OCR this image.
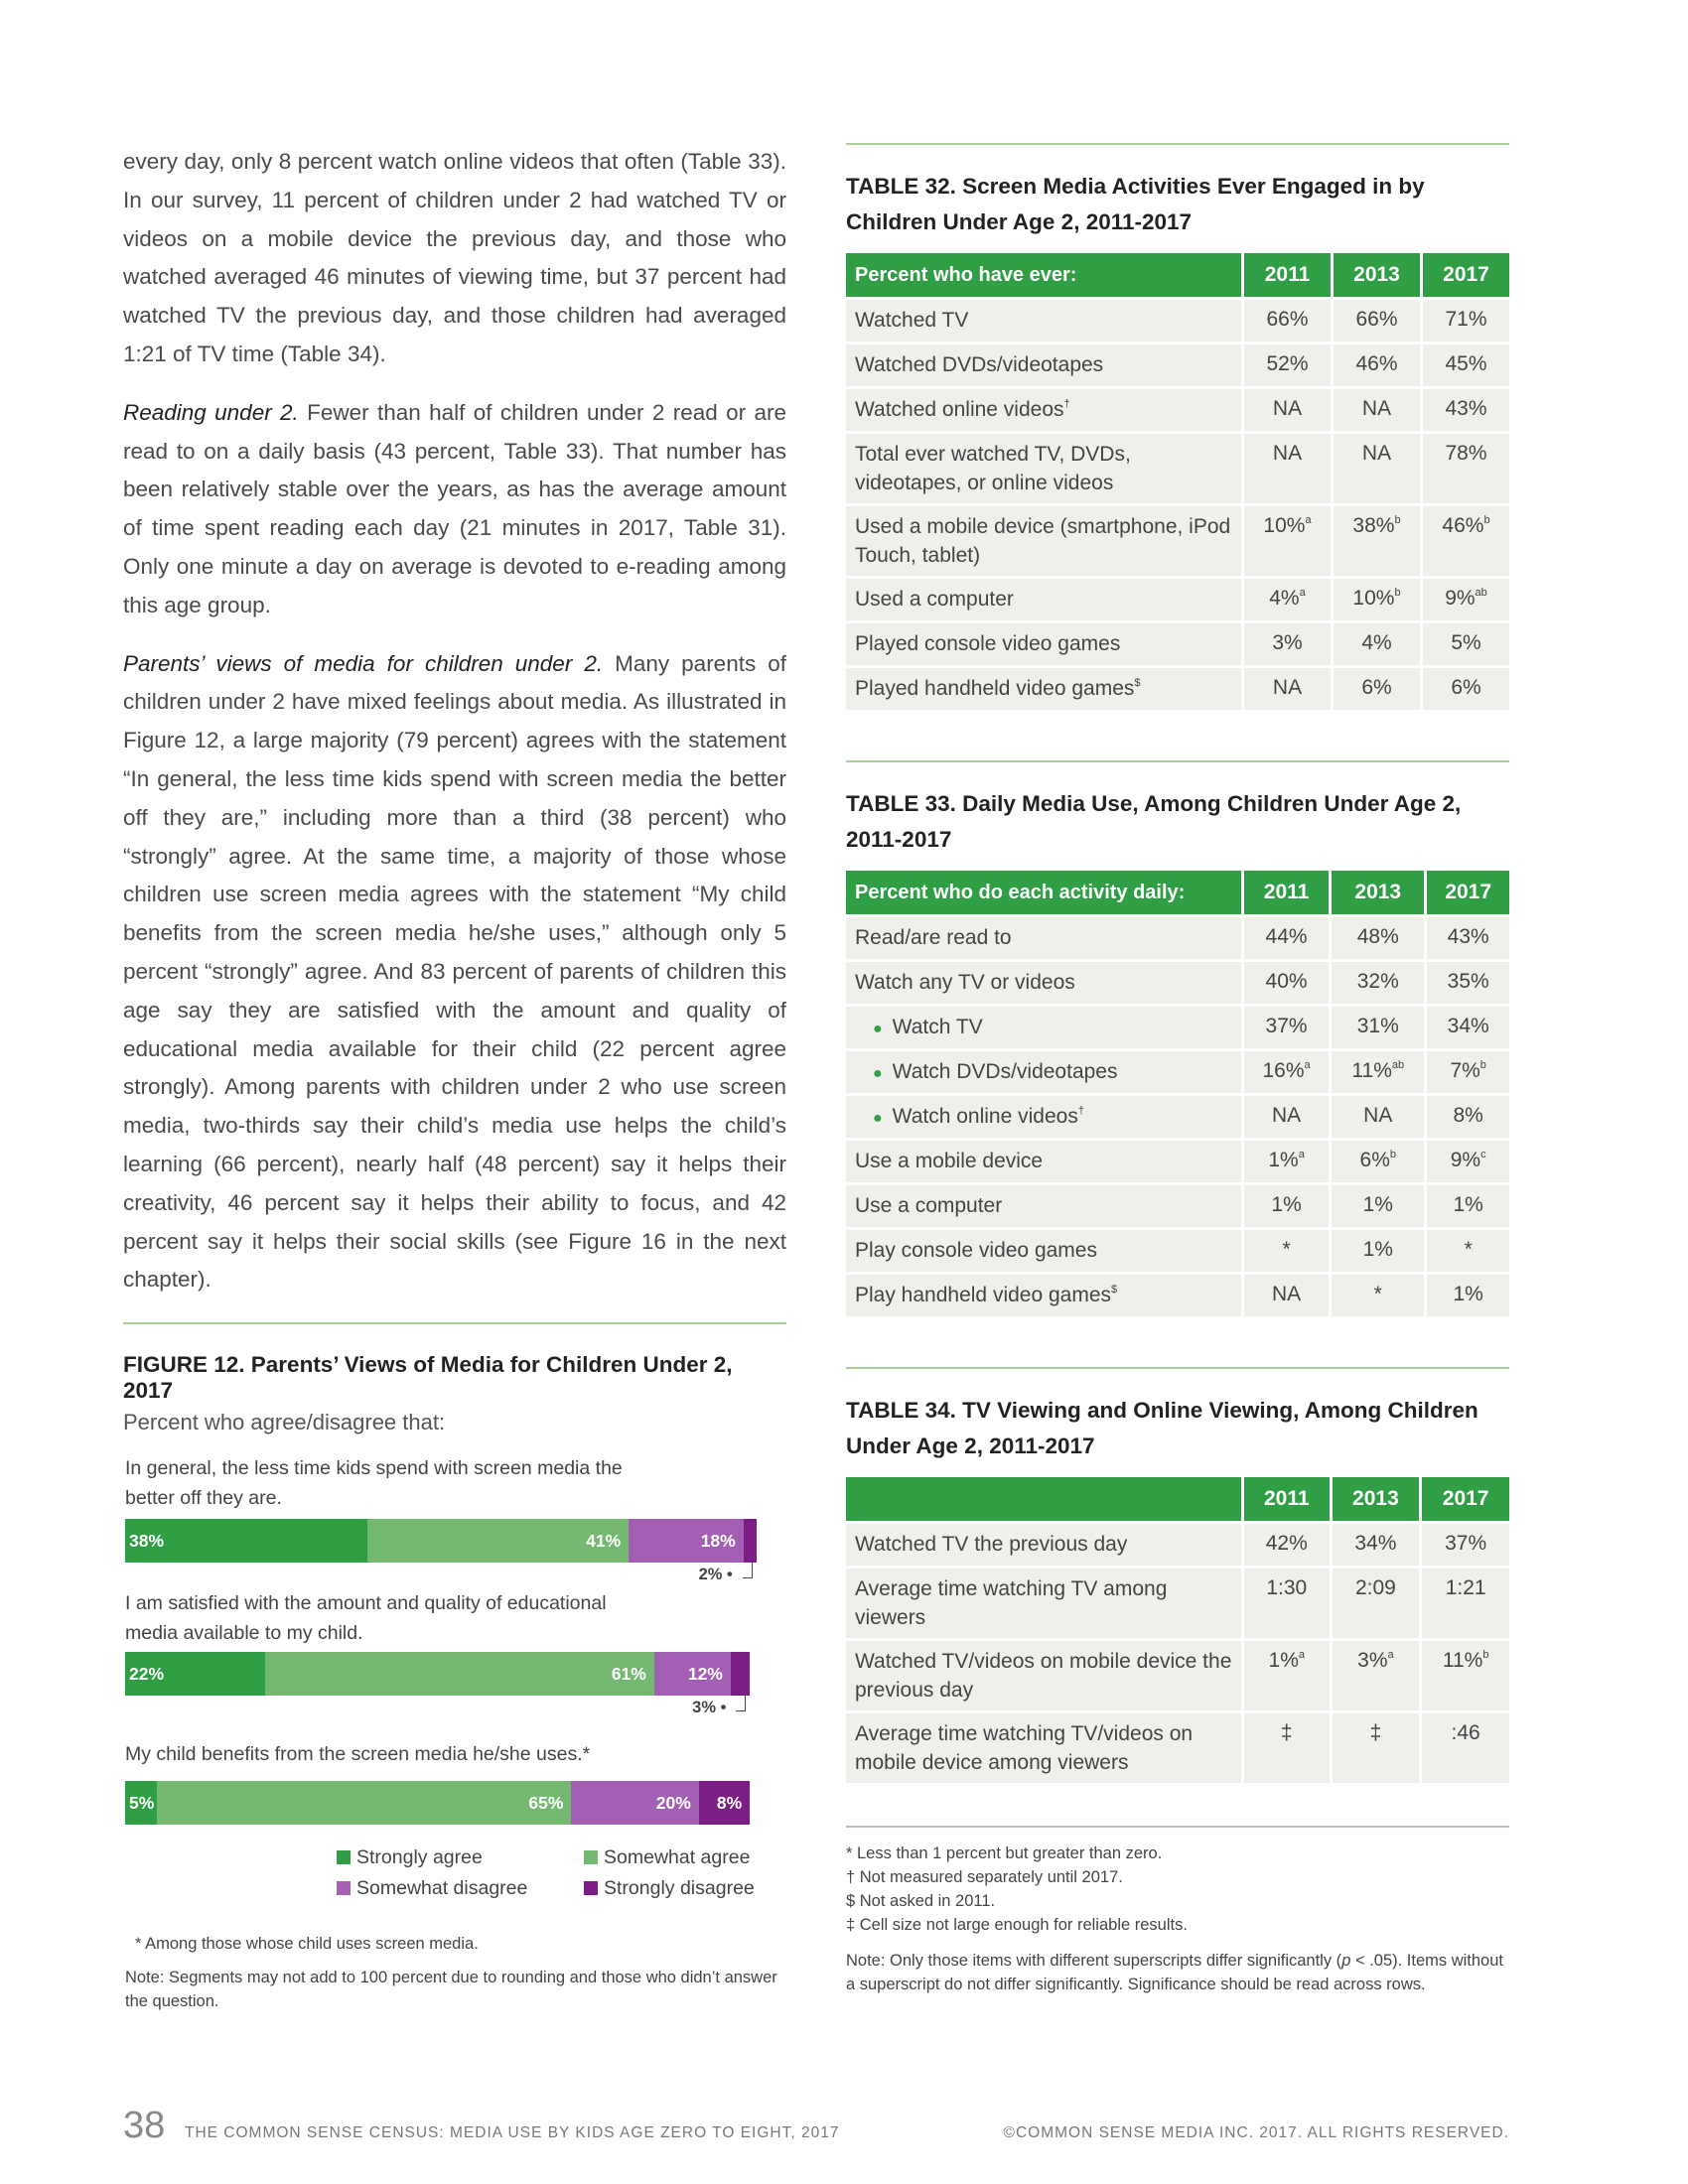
every day, only 8 percent watch online videos that often (Table 33). In our survey, 11 percent of children under 2 had watched TV or videos on a mobile device the previous day, and those who watched averaged 46 minutes of viewing time, but 37 percent had watched TV the previous day, and those children had averaged 1:21 of TV time (Table 34).

Reading under 2. Fewer than half of children under 2 read or are read to on a daily basis (43 percent, Table 33). That number has been relatively stable over the years, as has the average amount of time spent reading each day (21 minutes in 2017, Table 31). Only one minute a day on average is devoted to e-reading among this age group.

Parents’ views of media for children under 2. Many parents of children under 2 have mixed feelings about media. As illustrated in Figure 12, a large majority (79 percent) agrees with the statement “In general, the less time kids spend with screen media the better off they are,” including more than a third (38 percent) who “strongly” agree. At the same time, a majority of those whose children use screen media agrees with the statement “My child benefits from the screen media he/she uses,” although only 5 percent “strongly” agree. And 83 percent of parents of children this age say they are satisfied with the amount and quality of educational media available for their child (22 percent agree strongly). Among parents with children under 2 who use screen media, two-thirds say their child’s media use helps the child’s learning (66 percent), nearly half (48 percent) say it helps their creativity, 46 percent say it helps their ability to focus, and 42 percent say it helps their social skills (see Figure 16 in the next chapter).

FIGURE 12. Parents’ Views of Media for Children Under 2, 2017
Percent who agree/disagree that:
In general, the less time kids spend with screen media the better off they are.
38%	41%	18%
I am satisfied with the amount and quality of educational media available to my child.
22%	61% 12%
My child benefits from the screen media he/she uses.*
5%	65%	20% 8%
2% •
3% •
Strongly agree	Somewhat agree
Somewhat disagree	Strongly disagree
* Among those whose child uses screen media.
Note: Segments may not add to 100 percent due to rounding and those who didn’t answer the question.
TABLE 32. Screen Media Activities Ever Engaged in by Children Under Age 2, 2011-2017
Percent who have ever:	2011	2013	2017
Watched TV	66%	66%	71%
Watched DVDs/videotapes	52%	46%	45%
Watched online videos†	NA	NA	43%
Total ever watched TV, DVDs, videotapes, or online videos	NA	NA	78%
Used a mobile device (smartphone, iPod Touch, tablet)	10%$^a$	38%$^b$	46%$^b$
Used a computer	4%$^a$	10%$^b$	9%$^{ab}$
Played console video games	3%	4%	5%
Played handheld video games$	NA	6%	6%
TABLE 33. Daily Media Use, Among Children Under Age 2, 2011-2017
Percent who do each activity daily:	2011	2013	2017
Read/are read to	44%	48%	43%
Watch any TV or videos	40%	32%	35%
● Watch TV	37%	31%	34%
● Watch DVDs/videotapes	16%$^a$	11%$^{ab}$	7%$^b$
● Watch online videos†	NA	NA	8%
Use a mobile device	1%$^a$	6%$^b$	9%$^c$
Use a computer	1%	1%	1%
Play console video games	*	1%	*
Play handheld video games$	NA	*	1%
TABLE 34. TV Viewing and Online Viewing, Among Children Under Age 2, 2011-2017
	2011	2013	2017
Watched TV the previous day	42%	34%	37%
Average time watching TV among viewers	1:30	2:09	1:21
Watched TV/videos on mobile device the previous day	1%$^a$	3%$^a$	11%$^b$
Average time watching TV/videos on mobile device among viewers	‡	‡	:46
* Less than 1 percent but greater than zero.
† Not measured separately until 2017.
$ Not asked in 2011.
‡ Cell size not large enough for reliable results.
Note: Only those items with different superscripts differ significantly (p < .05). Items without a superscript do not differ significantly. Significance should be read across rows.
38 THE COMMON SENSE CENSUS: MEDIA USE BY KIDS AGE ZERO TO EIGHT, 2017	©COMMON SENSE MEDIA INC. 2017. ALL RIGHTS RESERVED.
